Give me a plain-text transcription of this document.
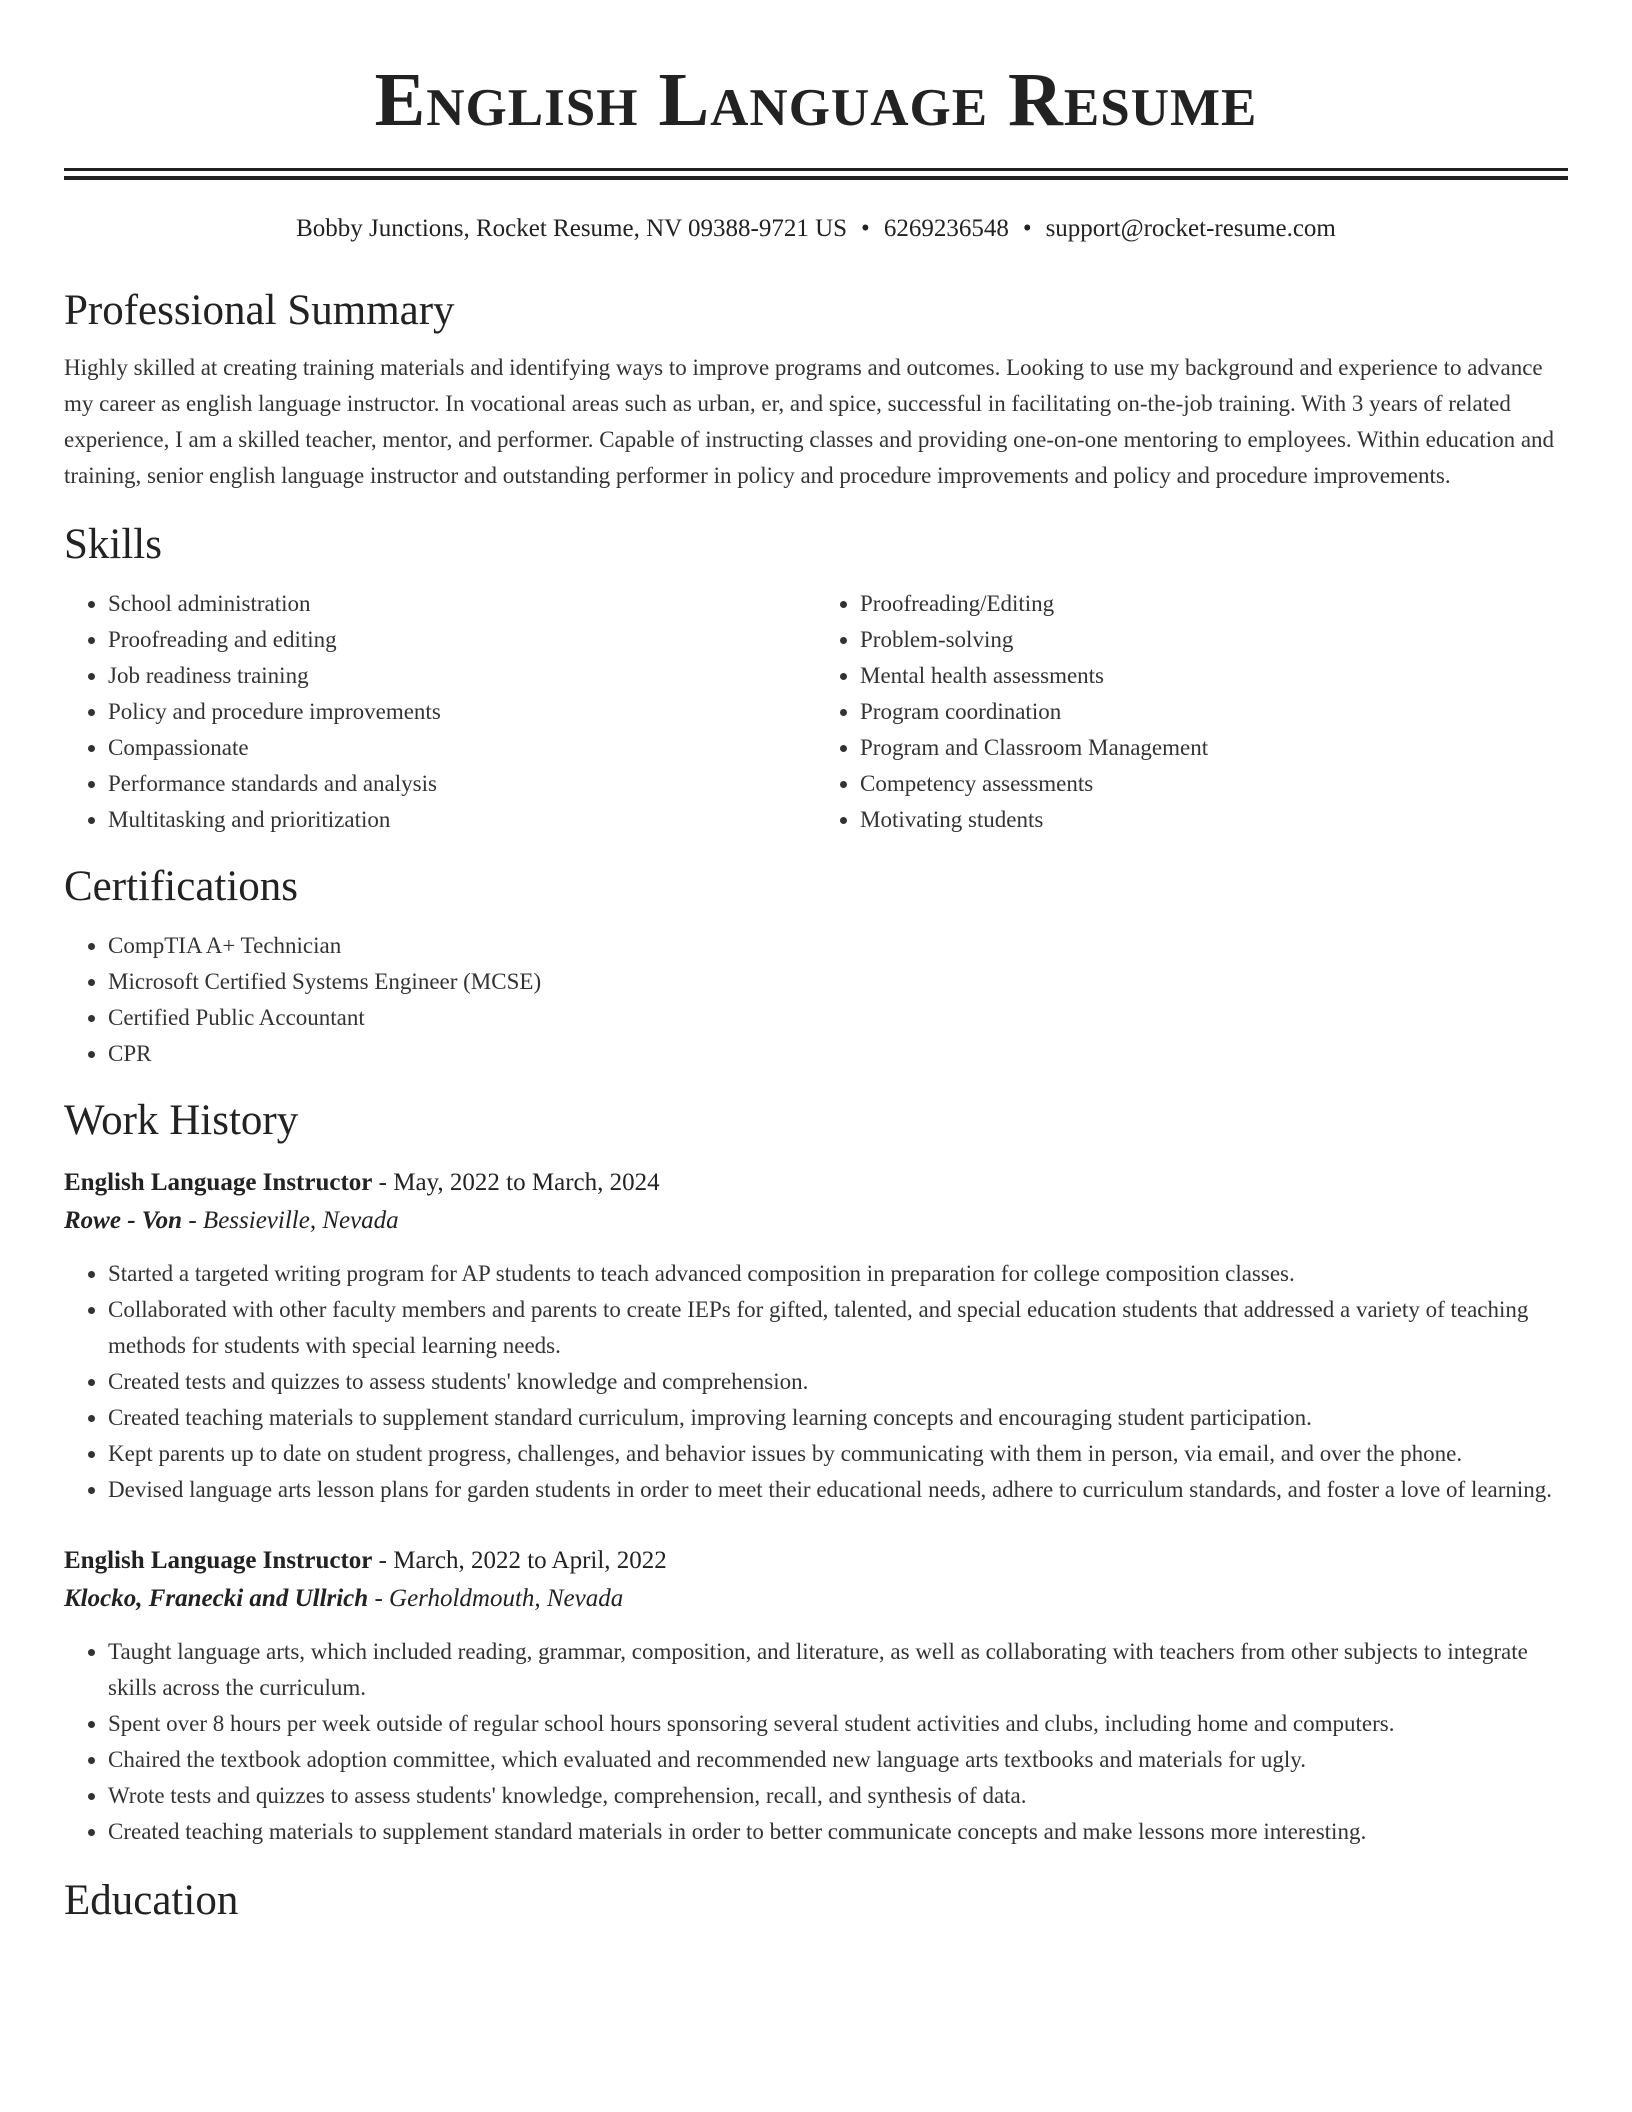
English Language Resume
Bobby Junctions, Rocket Resume, NV 09388-9721 US • 6269236548 • support@rocket-resume.com
Professional Summary

Highly skilled at creating training materials and identifying ways to improve programs and outcomes. Looking to use my background and experience to advance my career as english language instructor. In vocational areas such as urban, er, and spice, successful in facilitating on-the-job training. With 3 years of related experience, I am a skilled teacher, mentor, and performer. Capable of instructing classes and providing one-on-one mentoring to employees. Within education and training, senior english language instructor and outstanding performer in policy and procedure improvements and policy and procedure improvements.

Skills
• School administration
• Proofreading and editing
• Job readiness training
• Policy and procedure improvements
• Compassionate
• Performance standards and analysis
• Multitasking and prioritization
• Proofreading/Editing
• Problem-solving
• Mental health assessments
• Program coordination
• Program and Classroom Management
• Competency assessments
• Motivating students
Certifications
• CompTIA A+ Technician
• Microsoft Certified Systems Engineer (MCSE)
• Certified Public Accountant
• CPR
Work History
English Language Instructor - May, 2022 to March, 2024
Rowe - Von - Bessieville, Nevada
• Started a targeted writing program for AP students to teach advanced composition in preparation for college composition classes.
• Collaborated with other faculty members and parents to create IEPs for gifted, talented, and special education students that addressed a variety of teaching methods for students with special learning needs.
• Created tests and quizzes to assess students' knowledge and comprehension.
• Created teaching materials to supplement standard curriculum, improving learning concepts and encouraging student participation.
• Kept parents up to date on student progress, challenges, and behavior issues by communicating with them in person, via email, and over the phone.
• Devised language arts lesson plans for garden students in order to meet their educational needs, adhere to curriculum standards, and foster a love of learning.
English Language Instructor - March, 2022 to April, 2022
Klocko, Franecki and Ullrich - Gerholdmouth, Nevada
• Taught language arts, which included reading, grammar, composition, and literature, as well as collaborating with teachers from other subjects to integrate skills across the curriculum.
• Spent over 8 hours per week outside of regular school hours sponsoring several student activities and clubs, including home and computers.
• Chaired the textbook adoption committee, which evaluated and recommended new language arts textbooks and materials for ugly.
• Wrote tests and quizzes to assess students' knowledge, comprehension, recall, and synthesis of data.
• Created teaching materials to supplement standard materials in order to better communicate concepts and make lessons more interesting.
Education
